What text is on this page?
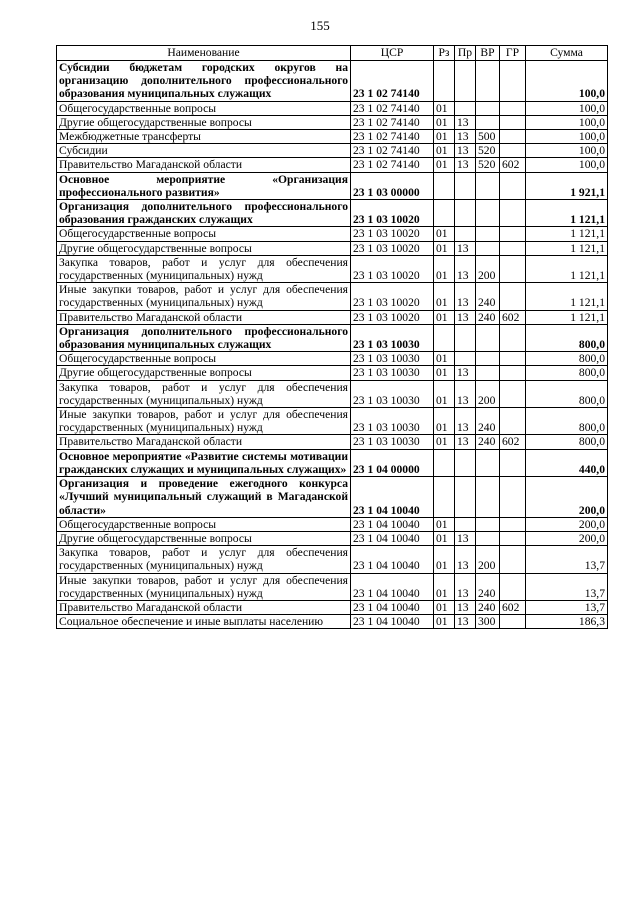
155
Наименование	ЦСР	Рз	Пр	ВР	ГР	Сумма
Субсидии бюджетам городских округов на организацию дополнительного профессионального образования муниципальных служащих	23 1 02 74140					100,0
Общегосударственные вопросы	23 1 02 74140	01				100,0
Другие общегосударственные вопросы	23 1 02 74140	01	13			100,0
Межбюджетные трансферты	23 1 02 74140	01	13	500		100,0
Субсидии	23 1 02 74140	01	13	520		100,0
Правительство Магаданской области	23 1 02 74140	01	13	520	602	100,0
Основное мероприятие «Организация профессионального развития»	23 1 03 00000					1 921,1
Организация дополнительного профессионального образования гражданских служащих	23 1 03 10020					1 121,1
Общегосударственные вопросы	23 1 03 10020	01				1 121,1
Другие общегосударственные вопросы	23 1 03 10020	01	13			1 121,1
Закупка товаров, работ и услуг для обеспечения государственных (муниципальных) нужд	23 1 03 10020	01	13	200		1 121,1
Иные закупки товаров, работ и услуг для обеспечения государственных (муниципальных) нужд	23 1 03 10020	01	13	240		1 121,1
Правительство Магаданской области	23 1 03 10020	01	13	240	602	1 121,1
Организация дополнительного профессионального образования муниципальных служащих	23 1 03 10030					800,0
Общегосударственные вопросы	23 1 03 10030	01				800,0
Другие общегосударственные вопросы	23 1 03 10030	01	13			800,0
Закупка товаров, работ и услуг для обеспечения государственных (муниципальных) нужд	23 1 03 10030	01	13	200		800,0
Иные закупки товаров, работ и услуг для обеспечения государственных (муниципальных) нужд	23 1 03 10030	01	13	240		800,0
Правительство Магаданской области	23 1 03 10030	01	13	240	602	800,0
Основное мероприятие «Развитие системы мотивации гражданских служащих и муниципальных служащих»	23 1 04 00000					440,0
Организация и проведение ежегодного конкурса «Лучший муниципальный служащий в Магаданской области»	23 1 04 10040					200,0
Общегосударственные вопросы	23 1 04 10040	01				200,0
Другие общегосударственные вопросы	23 1 04 10040	01	13			200,0
Закупка товаров, работ и услуг для обеспечения государственных (муниципальных) нужд	23 1 04 10040	01	13	200		13,7
Иные закупки товаров, работ и услуг для обеспечения государственных (муниципальных) нужд	23 1 04 10040	01	13	240		13,7
Правительство Магаданской области	23 1 04 10040	01	13	240	602	13,7
Социальное обеспечение и иные выплаты населению	23 1 04 10040	01	13	300		186,3
